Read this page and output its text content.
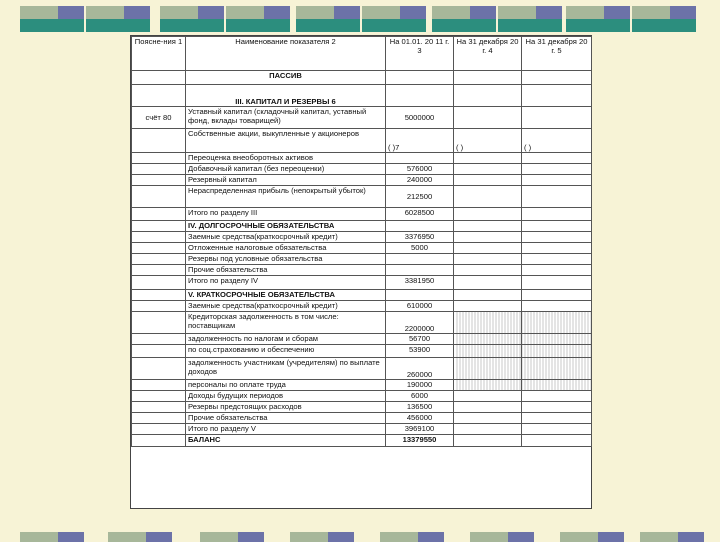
Поясне-ния 1	Наименование показателя 2	На 01.01. 20 11 г. 3	На 31 декабря 20 г. 4	На 31 декабря 20 г. 5
	ПАССИВ			
	III. КАПИТАЛ И РЕЗЕРВЫ 6			
счёт 80	Уставный капитал (складочный капитал, уставный фонд, вклады товарищей)	5000000		
	Собственные акции, выкупленные у акционеров	( )7	( )	( )
	Переоценка внеоборотных активов			
	Добавочный капитал (без переоценки)	576000		
	Резервный капитал	240000		
	Нераспределенная прибыль (непокрытый убыток)	212500		
	Итого по разделу III	6028500		
	IV. ДОЛГОСРОЧНЫЕ ОБЯЗАТЕЛЬСТВА			
	Заемные средства(краткосрочный кредит)	3376950		
	Отложенные налоговые обязательства	5000		
	Резервы под условные обязательства			
	Прочие обязательства			
	Итого по разделу IV	3381950		
	V. КРАТКОСРОЧНЫЕ ОБЯЗАТЕЛЬСТВА			
	Заемные средства(краткосрочный кредит)	610000		
	Кредиторская задолженность в том числе: поставщикам	2200000		
	задолженность по налогам и сборам	56700		
	по соц.страхованию и обеспечению	53900		
	задолженность участникам (учредителям) по выплате доходов	260000		
	персоналы по оплате труда	190000		
	Доходы будущих периодов	6000		
	Резервы предстоящих расходов	136500		
	Прочие обязательства	456000		
	Итого по разделу V	3969100		
	БАЛАНС	13379550		
